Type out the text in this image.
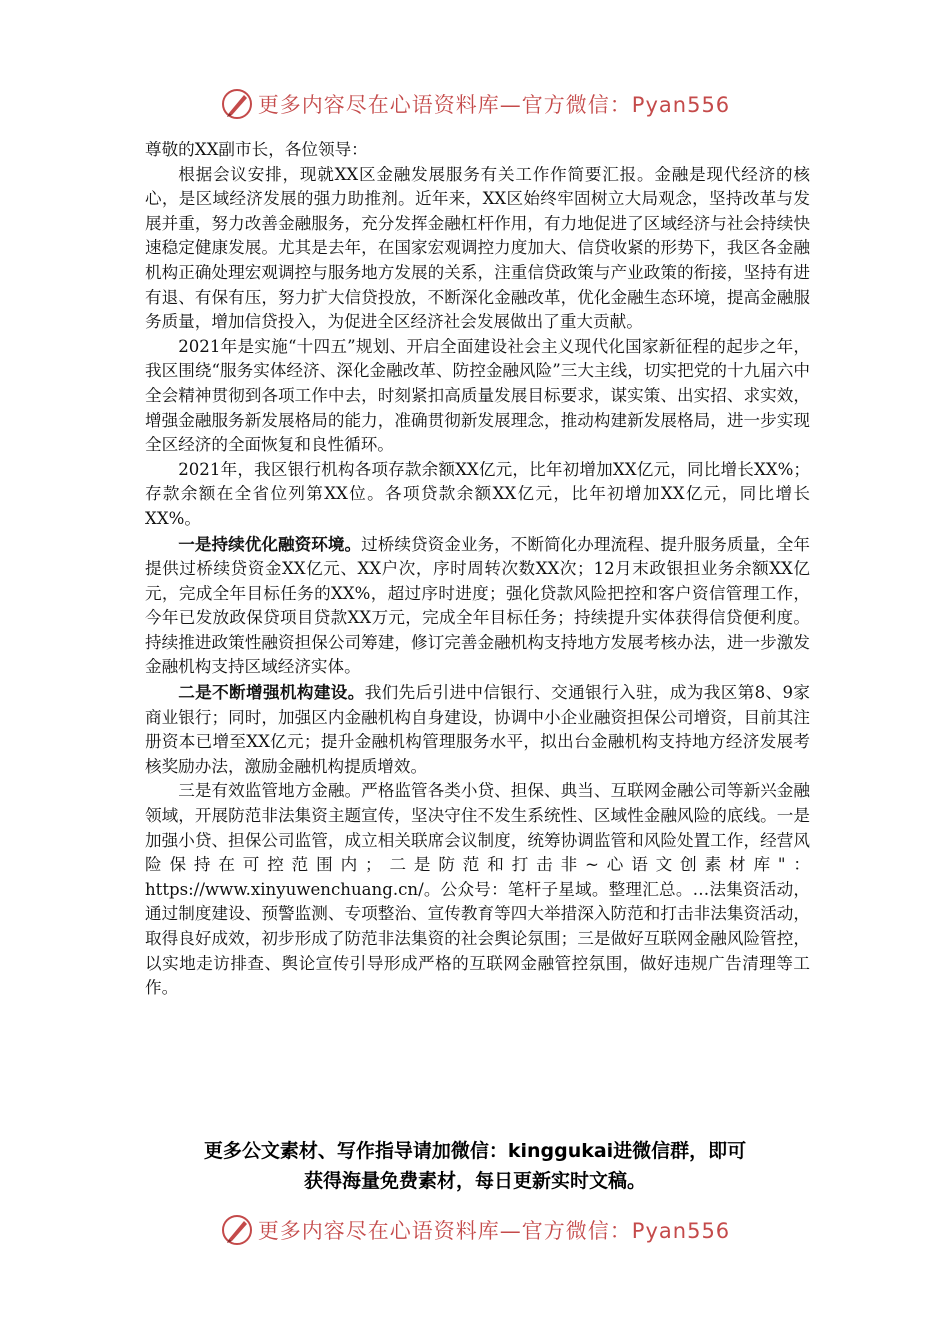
更多内容尽在心语资料库—官方微信：Pyan556

尊敬的XX副市长，各位领导：

根据会议安排，现就XX区金融发展服务有关工作作简要汇报。金融是现代经济的核心，是区域经济发展的强力助推剂。近年来，XX区始终牢固树立大局观念，坚持改革与发展并重，努力改善金融服务，充分发挥金融杠杆作用，有力地促进了区域经济与社会持续快速稳定健康发展。尤其是去年，在国家宏观调控力度加大、信贷收紧的形势下，我区各金融机构正确处理宏观调控与服务地方发展的关系，注重信贷政策与产业政策的衔接，坚持有进有退、有保有压，努力扩大信贷投放，不断深化金融改革，优化金融生态环境，提高金融服务质量，增加信贷投入，为促进全区经济社会发展做出了重大贡献。

2021年是实施“十四五”规划、开启全面建设社会主义现代化国家新征程的起步之年，我区围绕“服务实体经济、深化金融改革、防控金融风险”三大主线，切实把党的十九届六中全会精神贯彻到各项工作中去，时刻紧扣高质量发展目标要求，谋实策、出实招、求实效，增强金融服务新发展格局的能力，准确贯彻新发展理念，推动构建新发展格局，进一步实现全区经济的全面恢复和良性循环。

2021年，我区银行机构各项存款余额XX亿元，比年初增加XX亿元，同比增长XX%；存款余额在全省位列第XX位。各项贷款余额XX亿元，比年初增加XX亿元，同比增长XX%。

一是持续优化融资环境。过桥续贷资金业务，不断简化办理流程、提升服务质量，全年提供过桥续贷资金XX亿元、XX户次，序时周转次数XX次；12月末政银担业务余额XX亿元，完成全年目标任务的XX%，超过序时进度；强化贷款风险把控和客户资信管理工作，今年已发放政保贷项目贷款XX万元，完成全年目标任务；持续提升实体获得信贷便利度。持续推进政策性融资担保公司筹建，修订完善金融机构支持地方发展考核办法，进一步激发金融机构支持区域经济实体。

二是不断增强机构建设。我们先后引进中信银行、交通银行入驻，成为我区第8、9家商业银行；同时，加强区内金融机构自身建设，协调中小企业融资担保公司增资，目前其注册资本已增至XX亿元；提升金融机构管理服务水平，拟出台金融机构支持地方经济发展考核奖励办法，激励金融机构提质增效。

三是有效监管地方金融。严格监管各类小贷、担保、典当、互联网金融公司等新兴金融领域，开展防范非法集资主题宣传，坚决守住不发生系统性、区域性金融风险的底线。一是加强小贷、担保公司监管，成立相关联席会议制度，统筹协调监管和风险处置工作，经营风险保持在可控范围内；二是防范和打击非~心语文创素材库"：https://www.xinyuwenchuang.cn/。公众号：笔杆子星域。整理汇总。…法集资活动，通过制度建设、预警监测、专项整治、宣传教育等四大举措深入防范和打击非法集资活动，取得良好成效，初步形成了防范非法集资的社会舆论氛围；三是做好互联网金融风险管控，以实地走访排查、舆论宣传引导形成严格的互联网金融管控氛围，做好违规广告清理等工作。

更多公文素材、写作指导请加微信：kinggukai进微信群，即可

获得海量免费素材，每日更新实时文稿。

更多内容尽在心语资料库—官方微信：Pyan556
